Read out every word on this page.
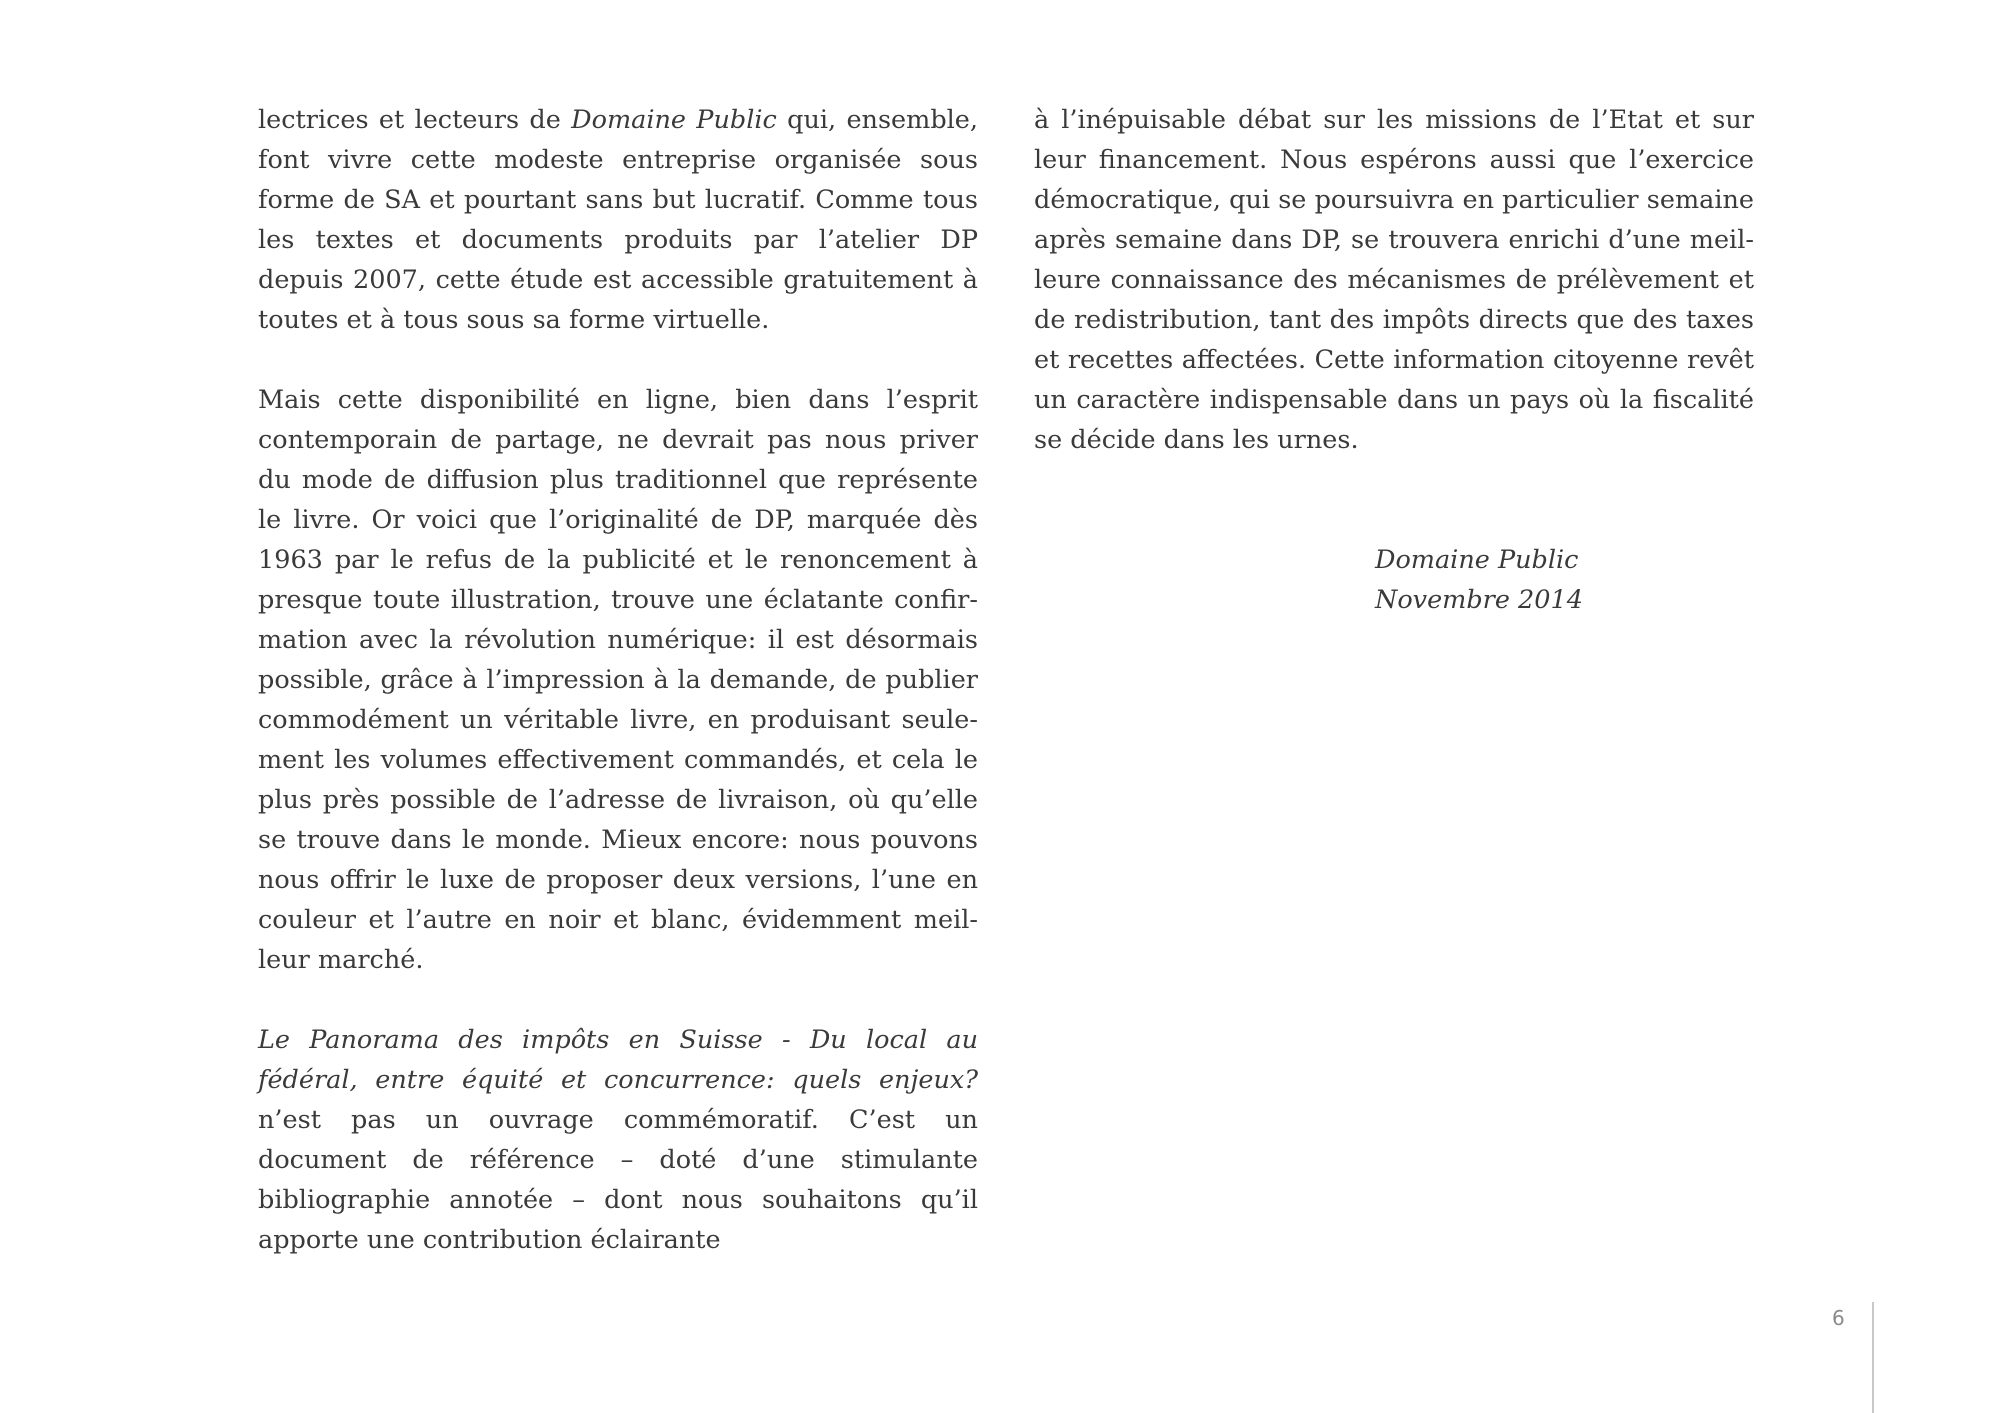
lectrices et lecteurs de Domaine Public qui, ensemble, font vivre cette modeste entreprise organisée sous forme de SA et pourtant sans but lucratif. Comme tous les textes et documents produits par l’atelier DP depuis 2007, cette étude est accessible gratuitement à toutes et à tous sous sa forme virtuelle.

Mais cette disponibilité en ligne, bien dans l’esprit contemporain de partage, ne devrait pas nous priver du mode de diffusion plus traditionnel que représente le livre. Or voici que l’originalité de DP, marquée dès 1963 par le refus de la publicité et le renoncement à presque toute illustration, trouve une éclatante confirmation avec la révolution numérique: il est désormais possible, grâce à l’impression à la demande, de publier commodément un véritable livre, en produisant seulement les volumes effectivement commandés, et cela le plus près possible de l’adresse de livraison, où qu’elle se trouve dans le monde. Mieux encore: nous pouvons nous offrir le luxe de proposer deux versions, l’une en couleur et l’autre en noir et blanc, évidemment meilleur marché.

Le Panorama des impôts en Suisse - Du local au fédéral, entre équité et concurrence: quels enjeux? n’est pas un ouvrage commémoratif. C’est un document de référence – doté d’une stimulante bibliographie annotée – dont nous souhaitons qu’il apporte une contribution éclairante

à l’inépuisable débat sur les missions de l’Etat et sur leur financement. Nous espérons aussi que l’exercice démocratique, qui se poursuivra en particulier semaine après semaine dans DP, se trouvera enrichi d’une meilleure connaissance des mécanismes de prélèvement et de redistribution, tant des impôts directs que des taxes et recettes affectées. Cette information citoyenne revêt un caractère indispensable dans un pays où la fiscalité se décide dans les urnes.

Domaine Public
Novembre 2014
6
